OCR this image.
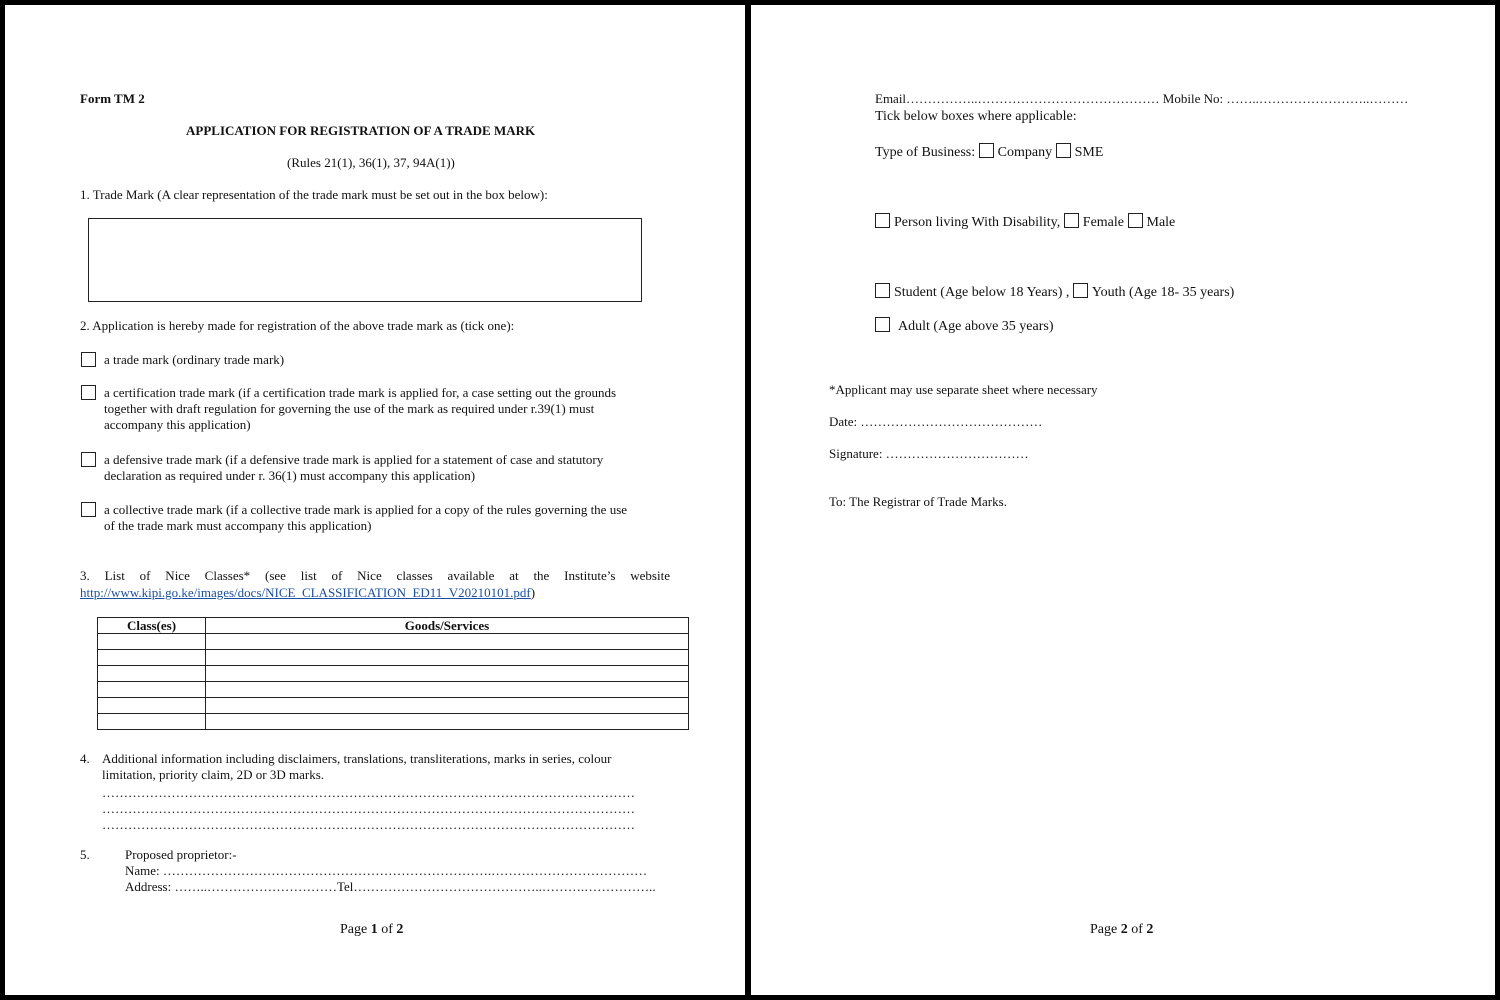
Form TM 2
APPLICATION FOR REGISTRATION OF A TRADE MARK
(Rules 21(1), 36(1), 37, 94A(1))
1. Trade Mark (A clear representation of the trade mark must be set out in the box below):
2. Application is hereby made for registration of the above trade mark as (tick one):
a trade mark (ordinary trade mark)
a certification trade mark (if a certification trade mark is applied for, a case setting out the grounds
together with draft regulation for governing the use of the mark as required under r.39(1) must
accompany this application)
a defensive trade mark (if a defensive trade mark is applied for a statement of case and statutory
declaration as required under r. 36(1) must accompany this application)
a collective trade mark (if a collective trade mark is applied for a copy of the rules governing the use
of the trade mark must accompany this application)
3. List of Nice Classes* (see list of Nice classes available at the Institute’s website
http://www.kipi.go.ke/images/docs/NICE_CLASSIFICATION_ED11_V20210101.pdf)
Class(es)	Goods/Services

4. Additional information including disclaimers, translations, transliterations, marks in series, colour
limitation, priority claim, 2D or 3D marks.
……………………………………………………………………………………………………………
……………………………………………………………………………………………………………
……………………………………………………………………………………………………………
5.	Proposed proprietor:-
Name: ………………………………………………………………….………………………………
Address: ……..…………………………Tel……………………………………..……….……………..
Page 1 of 2
Email……………..…………………………………… Mobile No: ……..……………………..………
Tick below boxes where applicable:
Type of Business: Company SME
Person living With Disability, Female Male
Student (Age below 18 Years) , Youth (Age 18- 35 years)
Adult (Age above 35 years)
*Applicant may use separate sheet where necessary
Date: ……………………………………
Signature: ……………………………
To: The Registrar of Trade Marks.
Page 2 of 2
